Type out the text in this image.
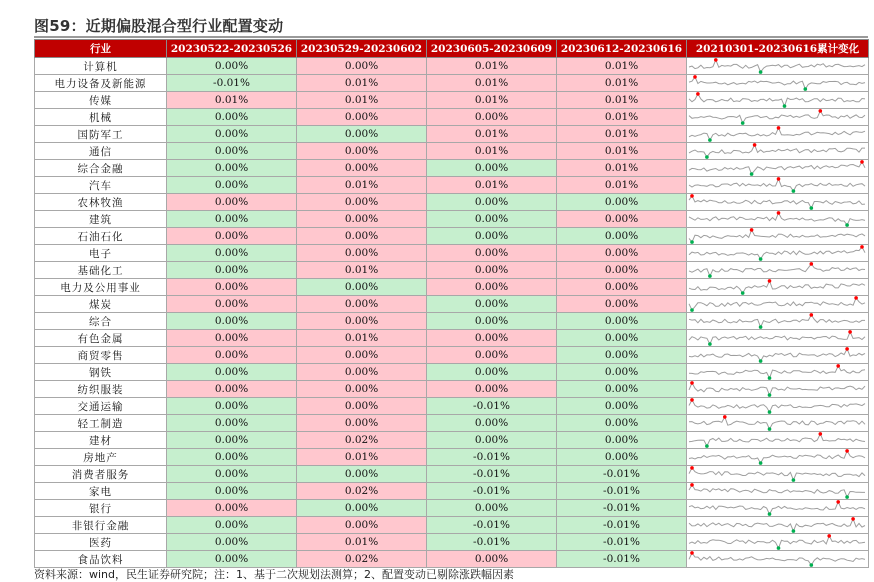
图59：近期偏股混合型行业配置变动
行业	20230522-20230526	20230529-20230602	20230605-20230609	20230612-20230616	20210301-20230616累计变化
计算机	0.00%	0.00%	0.01%	0.01%	

电力设备及新能源	-0.01%	0.01%	0.01%	0.01%	

传媒	0.01%	0.01%	0.01%	0.01%	

机械	0.00%	0.00%	0.00%	0.01%	

国防军工	0.00%	0.00%	0.01%	0.01%	

通信	0.00%	0.00%	0.01%	0.01%	

综合金融	0.00%	0.00%	0.00%	0.01%	

汽车	0.00%	0.01%	0.01%	0.01%	

农林牧渔	0.00%	0.00%	0.00%	0.00%	

建筑	0.00%	0.00%	0.00%	0.00%	

石油石化	0.00%	0.00%	0.00%	0.00%	

电子	0.00%	0.00%	0.00%	0.00%	

基础化工	0.00%	0.01%	0.00%	0.00%	

电力及公用事业	0.00%	0.00%	0.00%	0.00%	

煤炭	0.00%	0.00%	0.00%	0.00%	

综合	0.00%	0.00%	0.00%	0.00%	

有色金属	0.00%	0.01%	0.00%	0.00%	

商贸零售	0.00%	0.00%	0.00%	0.00%	

钢铁	0.00%	0.00%	0.00%	0.00%	

纺织服装	0.00%	0.00%	0.00%	0.00%	

交通运输	0.00%	0.00%	-0.01%	0.00%	

轻工制造	0.00%	0.00%	0.00%	0.00%	

建材	0.00%	0.02%	0.00%	0.00%	

房地产	0.00%	0.01%	-0.01%	0.00%	

消费者服务	0.00%	0.00%	-0.01%	-0.01%	

家电	0.00%	0.02%	-0.01%	-0.01%	

银行	0.00%	0.00%	0.00%	-0.01%	

非银行金融	0.00%	0.00%	-0.01%	-0.01%	

医药	0.00%	0.01%	-0.01%	-0.01%	

食品饮料	0.00%	0.02%	0.00%	-0.01%	
资料来源：wind，民生证券研究院；注：1、基于二次规划法测算；2、配置变动已剔除涨跌幅因素
